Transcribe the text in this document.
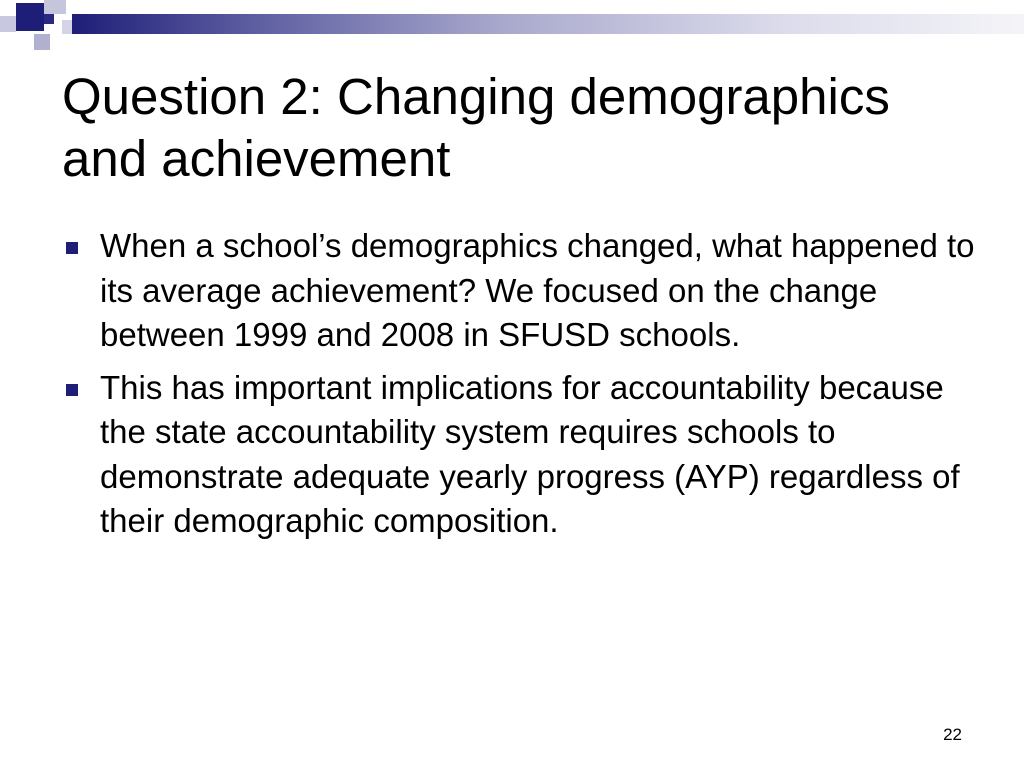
Question 2: Changing demographics and achievement
When a school’s demographics changed, what happened to its average achievement? We focused on the change between 1999 and 2008 in SFUSD schools.
This has important implications for accountability because the state accountability system requires schools to demonstrate adequate yearly progress (AYP) regardless of their demographic composition.
22
